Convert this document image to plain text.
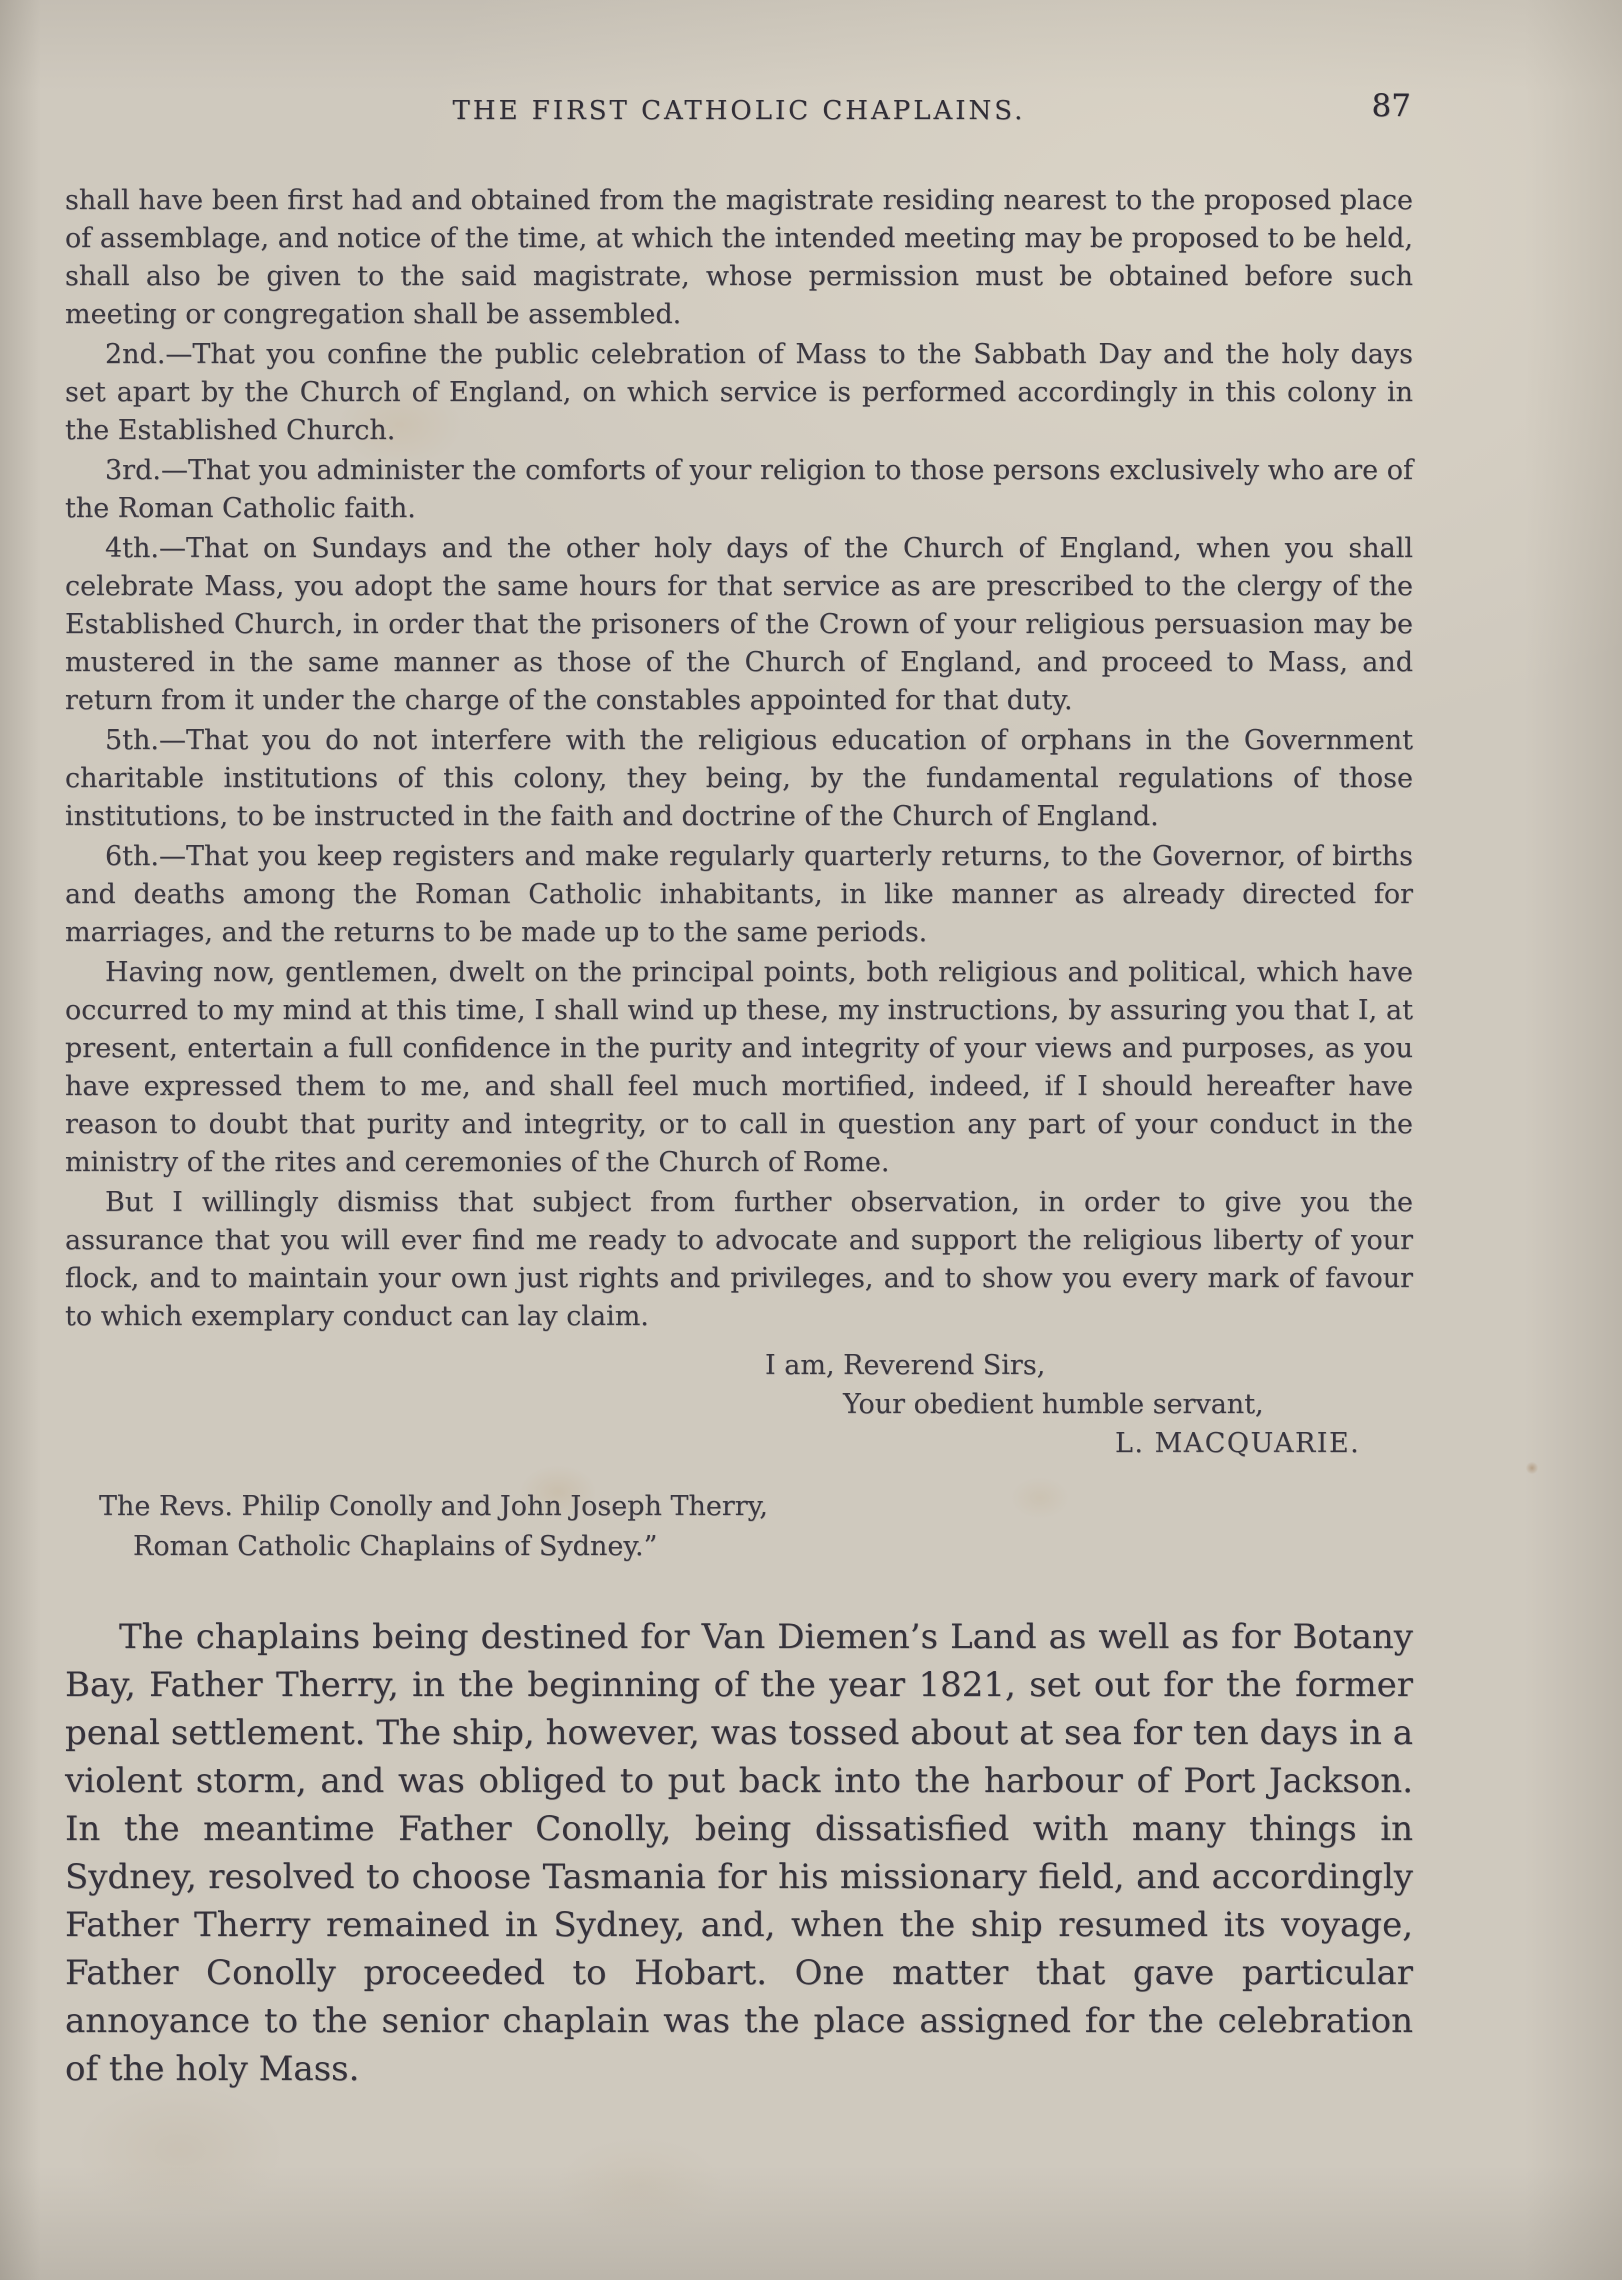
THE FIRST CATHOLIC CHAPLAINS.	87

shall have been first had and obtained from the magistrate residing nearest to the proposed place of assemblage, and notice of the time, at which the intended meeting may be proposed to be held, shall also be given to the said magistrate, whose permission must be obtained before such meeting or congregation shall be assembled.

2nd.—That you confine the public celebration of Mass to the Sabbath Day and the holy days set apart by the Church of England, on which service is performed accordingly in this colony in the Established Church.

3rd.—That you administer the comforts of your religion to those persons exclusively who are of the Roman Catholic faith.

4th.—That on Sundays and the other holy days of the Church of England, when you shall celebrate Mass, you adopt the same hours for that service as are prescribed to the clergy of the Established Church, in order that the prisoners of the Crown of your religious persuasion may be mustered in the same manner as those of the Church of England, and proceed to Mass, and return from it under the charge of the constables appointed for that duty.

5th.—That you do not interfere with the religious education of orphans in the Government charitable institutions of this colony, they being, by the fundamental regulations of those institutions, to be instructed in the faith and doctrine of the Church of England.

6th.—That you keep registers and make regularly quarterly returns, to the Governor, of births and deaths among the Roman Catholic inhabitants, in like manner as already directed for marriages, and the returns to be made up to the same periods.

Having now, gentlemen, dwelt on the principal points, both religious and political, which have occurred to my mind at this time, I shall wind up these, my instructions, by assuring you that I, at present, entertain a full confidence in the purity and integrity of your views and purposes, as you have expressed them to me, and shall feel much mortified, indeed, if I should hereafter have reason to doubt that purity and integrity, or to call in question any part of your conduct in the ministry of the rites and ceremonies of the Church of Rome.

But I willingly dismiss that subject from further observation, in order to give you the assurance that you will ever find me ready to advocate and support the religious liberty of your flock, and to maintain your own just rights and privileges, and to show you every mark of favour to which exemplary conduct can lay claim.

I am, Reverend Sirs,
Your obedient humble servant,
L. MACQUARIE.
The Revs. Philip Conolly and John Joseph Therry,
Roman Catholic Chaplains of Sydney.”

The chaplains being destined for Van Diemen’s Land as well as for Botany Bay, Father Therry, in the beginning of the year 1821, set out for the former penal settlement. The ship, however, was tossed about at sea for ten days in a violent storm, and was obliged to put back into the harbour of Port Jackson. In the meantime Father Conolly, being dissatisfied with many things in Sydney, resolved to choose Tasmania for his missionary field, and accordingly Father Therry remained in Sydney, and, when the ship resumed its voyage, Father Conolly proceeded to Hobart. One matter that gave particular annoyance to the senior chaplain was the place assigned for the celebration of the holy Mass.
